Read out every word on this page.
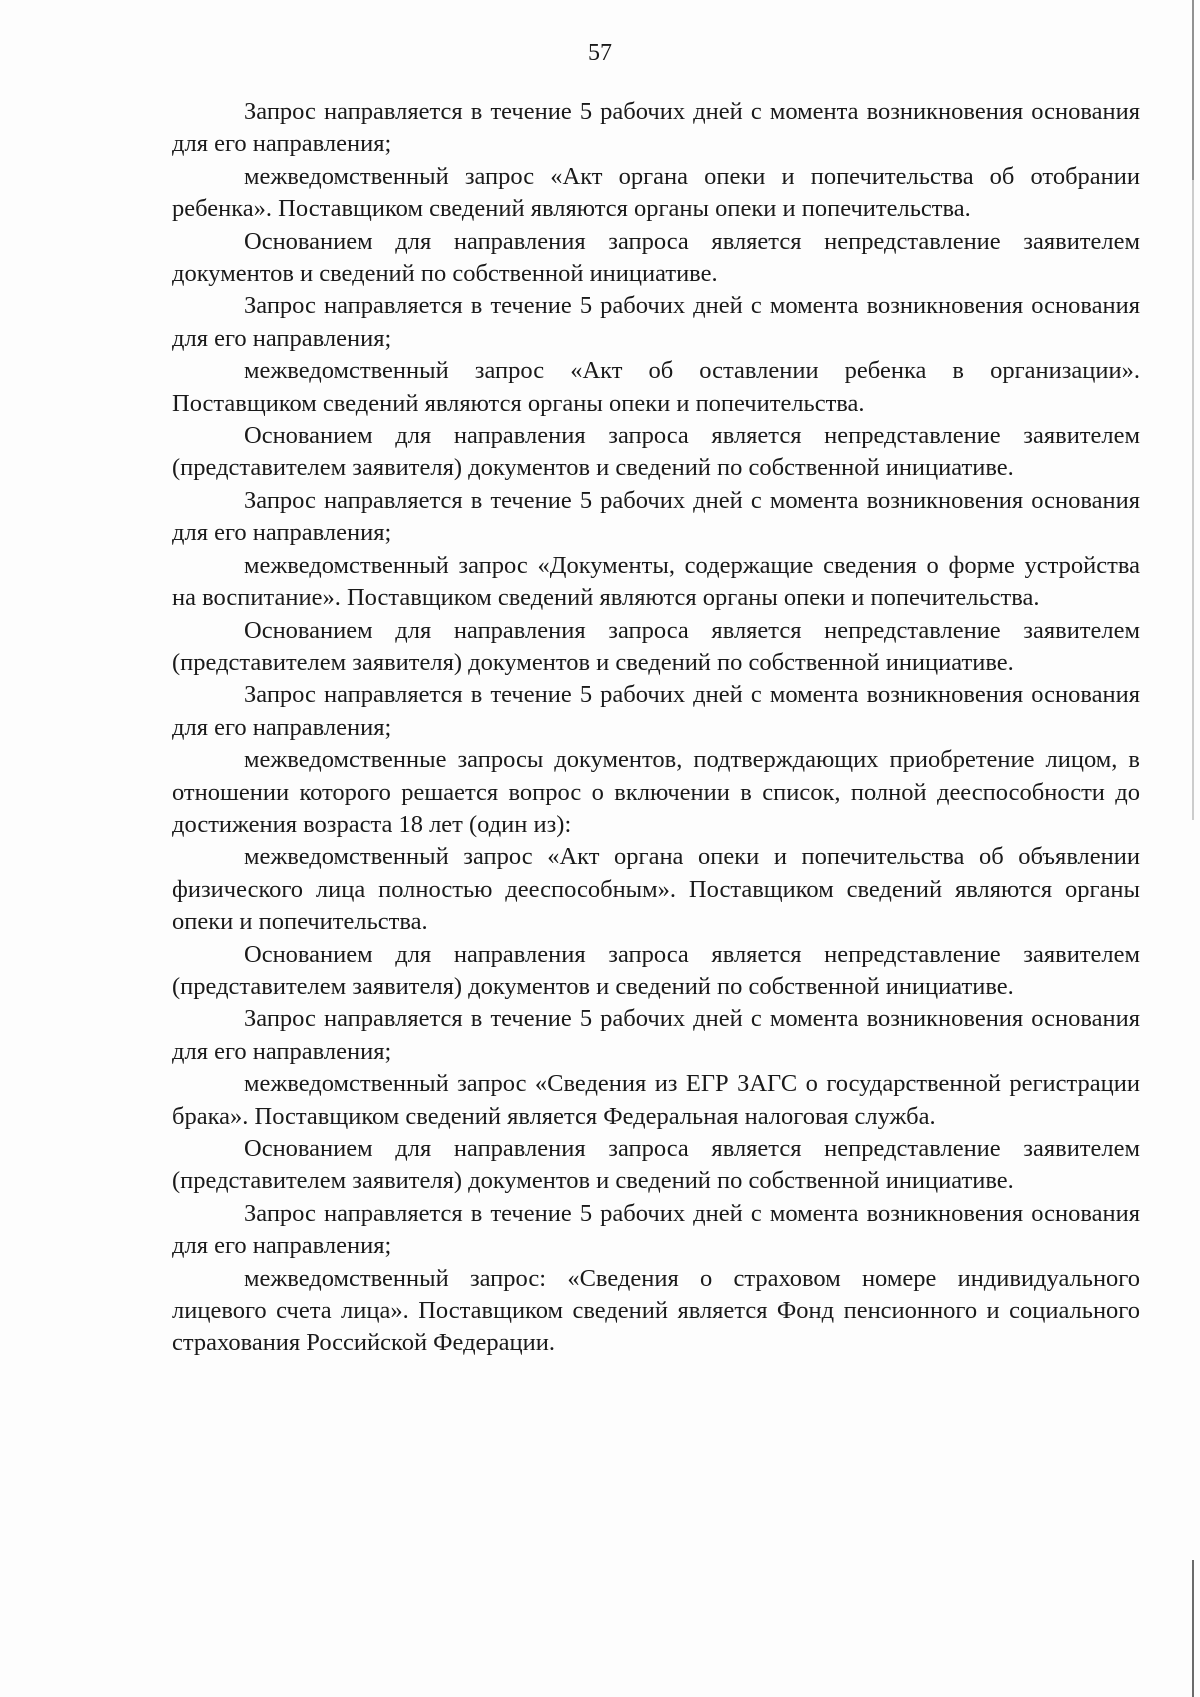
57

Запрос направляется в течение 5 рабочих дней с момента возникновения основания для его направления;

межведомственный запрос «Акт органа опеки и попечительства об отобрании ребенка». Поставщиком сведений являются органы опеки и попечительства.

Основанием для направления запроса является непредставление заявителем документов и сведений по собственной инициативе.

Запрос направляется в течение 5 рабочих дней с момента возникновения основания для его направления;

межведомственный запрос «Акт об оставлении ребенка в организации». Поставщиком сведений являются органы опеки и попечительства.

Основанием для направления запроса является непредставление заявителем (представителем заявителя) документов и сведений по собственной инициативе.

Запрос направляется в течение 5 рабочих дней с момента возникновения основания для его направления;

межведомственный запрос «Документы, содержащие сведения о форме устройства на воспитание». Поставщиком сведений являются органы опеки и попечительства.

Основанием для направления запроса является непредставление заявителем (представителем заявителя) документов и сведений по собственной инициативе.

Запрос направляется в течение 5 рабочих дней с момента возникновения основания для его направления;

межведомственные запросы документов, подтверждающих приобретение лицом, в отношении которого решается вопрос о включении в список, полной дееспособности до достижения возраста 18 лет (один из):

межведомственный запрос «Акт органа опеки и попечительства об объявлении физического лица полностью дееспособным». Поставщиком сведений являются органы опеки и попечительства.

Основанием для направления запроса является непредставление заявителем (представителем заявителя) документов и сведений по собственной инициативе.

Запрос направляется в течение 5 рабочих дней с момента возникновения основания для его направления;

межведомственный запрос «Сведения из ЕГР ЗАГС о государственной регистрации брака». Поставщиком сведений является Федеральная налоговая служба.

Основанием для направления запроса является непредставление заявителем (представителем заявителя) документов и сведений по собственной инициативе.

Запрос направляется в течение 5 рабочих дней с момента возникновения основания для его направления;

межведомственный запрос: «Сведения о страховом номере индивидуального лицевого счета лица». Поставщиком сведений является Фонд пенсионного и социального страхования Российской Федерации.
